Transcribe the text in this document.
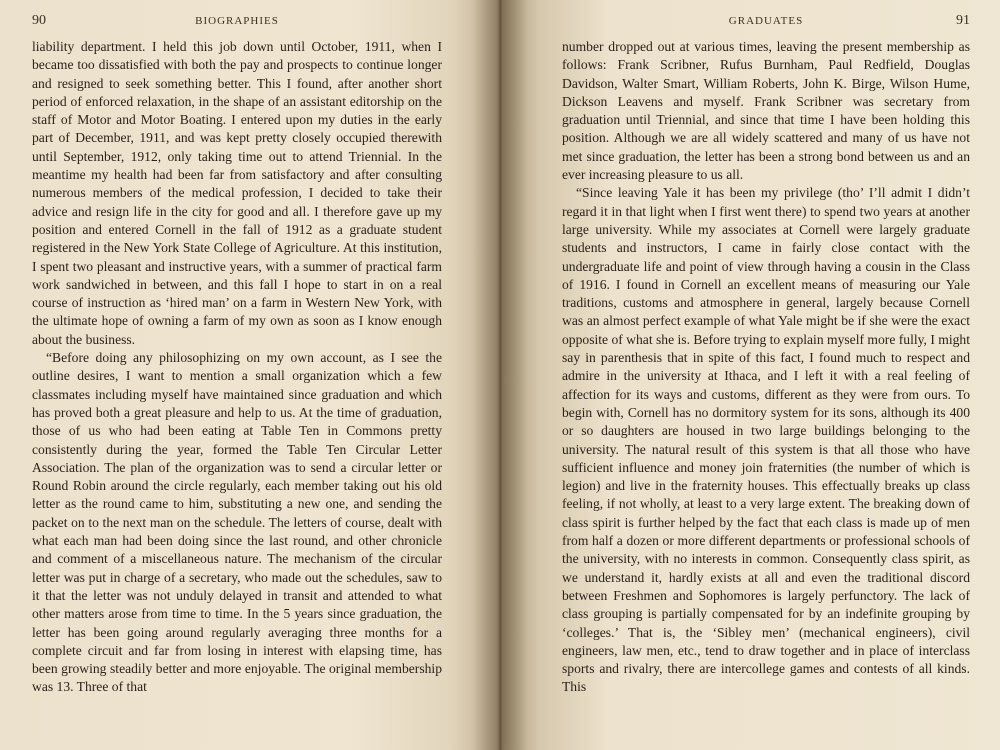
90	BIOGRAPHIES

liability department. I held this job down until October, 1911, when I became too dissatisfied with both the pay and prospects to continue longer and resigned to seek something better. This I found, after another short period of enforced relaxation, in the shape of an assistant editorship on the staff of Motor and Motor Boating. I entered upon my duties in the early part of December, 1911, and was kept pretty closely occupied therewith until September, 1912, only taking time out to attend Triennial. In the meantime my health had been far from satisfactory and after consulting numerous members of the medical profession, I decided to take their advice and resign life in the city for good and all. I therefore gave up my position and entered Cornell in the fall of 1912 as a graduate student registered in the New York State College of Agriculture. At this institution, I spent two pleasant and instructive years, with a summer of practical farm work sandwiched in between, and this fall I hope to start in on a real course of instruction as ‘hired man’ on a farm in Western New York, with the ultimate hope of owning a farm of my own as soon as I know enough about the business.

“Before doing any philosophizing on my own account, as I see the outline desires, I want to mention a small organization which a few classmates including myself have maintained since graduation and which has proved both a great pleasure and help to us. At the time of graduation, those of us who had been eating at Table Ten in Commons pretty consistently during the year, formed the Table Ten Circular Letter Association. The plan of the organization was to send a circular letter or Round Robin around the circle regularly, each member taking out his old letter as the round came to him, substituting a new one, and sending the packet on to the next man on the schedule. The letters of course, dealt with what each man had been doing since the last round, and other chronicle and comment of a miscellaneous nature. The mechanism of the circular letter was put in charge of a secretary, who made out the schedules, saw to it that the letter was not unduly delayed in transit and attended to what other matters arose from time to time. In the 5 years since graduation, the letter has been going around regularly averaging three months for a complete circuit and far from losing in interest with elapsing time, has been growing steadily better and more enjoyable. The original membership was 13. Three of that

GRADUATES	91

number dropped out at various times, leaving the present membership as follows: Frank Scribner, Rufus Burnham, Paul Redfield, Douglas Davidson, Walter Smart, William Roberts, John K. Birge, Wilson Hume, Dickson Leavens and myself. Frank Scribner was secretary from graduation until Triennial, and since that time I have been holding this position. Although we are all widely scattered and many of us have not met since graduation, the letter has been a strong bond between us and an ever increasing pleasure to us all.

“Since leaving Yale it has been my privilege (tho’ I’ll admit I didn’t regard it in that light when I first went there) to spend two years at another large university. While my associates at Cornell were largely graduate students and instructors, I came in fairly close contact with the undergraduate life and point of view through having a cousin in the Class of 1916. I found in Cornell an excellent means of measuring our Yale traditions, customs and atmosphere in general, largely because Cornell was an almost perfect example of what Yale might be if she were the exact opposite of what she is. Before trying to explain myself more fully, I might say in parenthesis that in spite of this fact, I found much to respect and admire in the university at Ithaca, and I left it with a real feeling of affection for its ways and customs, different as they were from ours. To begin with, Cornell has no dormitory system for its sons, although its 400 or so daughters are housed in two large buildings belonging to the university. The natural result of this system is that all those who have sufficient influence and money join fraternities (the number of which is legion) and live in the fraternity houses. This effectually breaks up class feeling, if not wholly, at least to a very large extent. The breaking down of class spirit is further helped by the fact that each class is made up of men from half a dozen or more different departments or professional schools of the university, with no interests in common. Consequently class spirit, as we understand it, hardly exists at all and even the traditional discord between Freshmen and Sophomores is largely perfunctory. The lack of class grouping is partially compensated for by an indefinite grouping by ‘colleges.’ That is, the ‘Sibley men’ (mechanical engineers), civil engineers, law men, etc., tend to draw together and in place of interclass sports and rivalry, there are intercollege games and contests of all kinds. This
